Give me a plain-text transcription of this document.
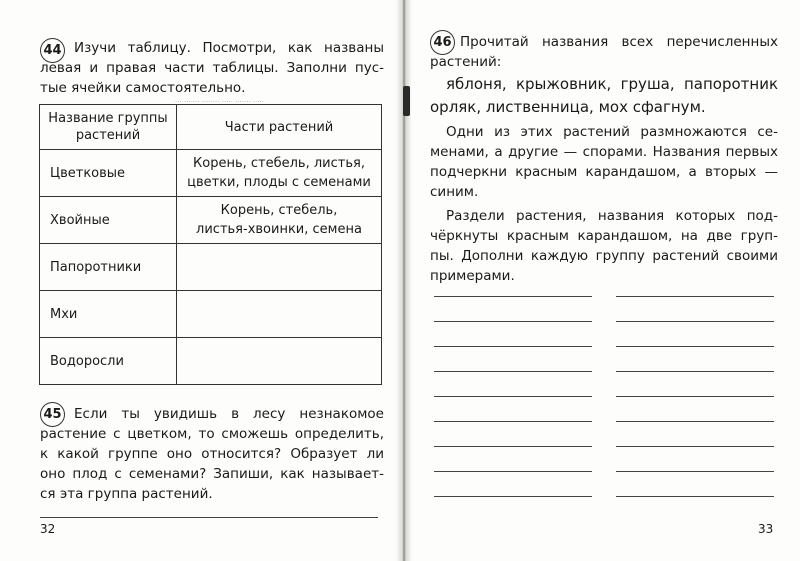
44 Изучи таблицу. Посмотри, как названы

левая и правая части таблицы. Заполни пус-

тые ячейки самостоятельно.

··· ······· ········ ····· ······· ·····
Название группы растений	Части растений
Цветковые	Корень, стебель, листья,
цветки, плоды с семенами

Хвойные	Корень, стебель,
листья-хвоинки, семена

Папоротники	
Мхи	
Водоросли	
45 Если ты увидишь в лесу незнакомое

растение с цветком, то сможешь определить,

к какой группе оно относится? Образует ли

оно плод с семенами? Запиши, как называет-

ся эта группа растений.

32
46 Прочитай названия всех перечисленных

растений:

яблоня, крыжовник, груша, папоротник

орляк, лиственница, мох сфагнум.

Одни из этих растений размножаются се-

менами, а другие — спорами. Названия первых

подчеркни красным карандашом, а вторых —

синим.

Раздели растения, названия которых под-

чёркнуты красным карандашом, на две груп-

пы. Дополни каждую группу растений своими

примерами.

33
